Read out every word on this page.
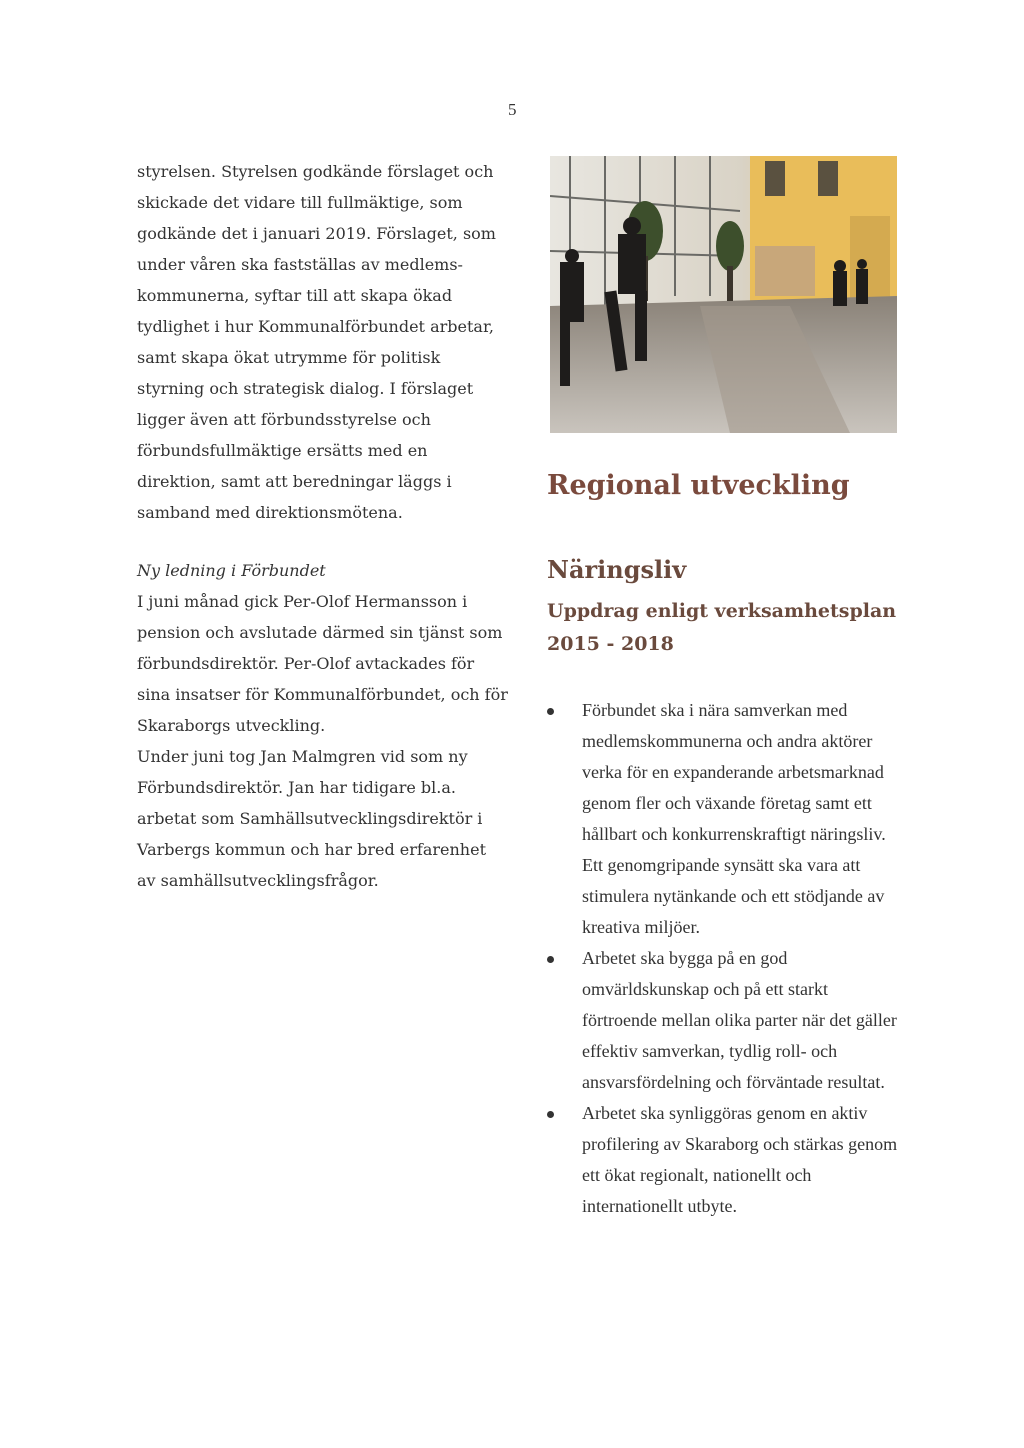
5

styrelsen. Styrelsen godkände förslaget och skickade det vidare till fullmäktige, som godkände det i januari 2019. Förslaget, som under våren ska fastställas av medlems-kommunerna, syftar till att skapa ökad tydlighet i hur Kommunalförbundet arbetar, samt skapa ökat utrymme för politisk styrning och strategisk dialog. I förslaget ligger även att förbundsstyrelse och förbundsfullmäktige ersätts med en direktion, samt att beredningar läggs i samband med direktionsmötena.

Ny ledning i Förbundet

I juni månad gick Per-Olof Hermansson i pension och avslutade därmed sin tjänst som förbundsdirektör. Per-Olof avtackades för sina insatser för Kommunalförbundet, och för Skaraborgs utveckling.

Under juni tog Jan Malmgren vid som ny Förbundsdirektör. Jan har tidigare bl.a. arbetat som Samhällsutvecklingsdirektör i Varbergs kommun och har bred erfarenhet av samhällsutvecklingsfrågor.

Regional utveckling
Näringsliv
Uppdrag enligt verksamhetsplan 2015 - 2018
Förbundet ska i nära samverkan med medlemskommunerna och andra aktörer verka för en expanderande arbetsmarknad genom fler och växande företag samt ett hållbart och konkurrenskraftigt näringsliv. Ett genomgripande synsätt ska vara att stimulera nytänkande och ett stödjande av kreativa miljöer.
Arbetet ska bygga på en god omvärldskunskap och på ett starkt förtroende mellan olika parter när det gäller effektiv samverkan, tydlig roll- och ansvarsfördelning och förväntade resultat.
Arbetet ska synliggöras genom en aktiv profilering av Skaraborg och stärkas genom ett ökat regionalt, nationellt och internationellt utbyte.
